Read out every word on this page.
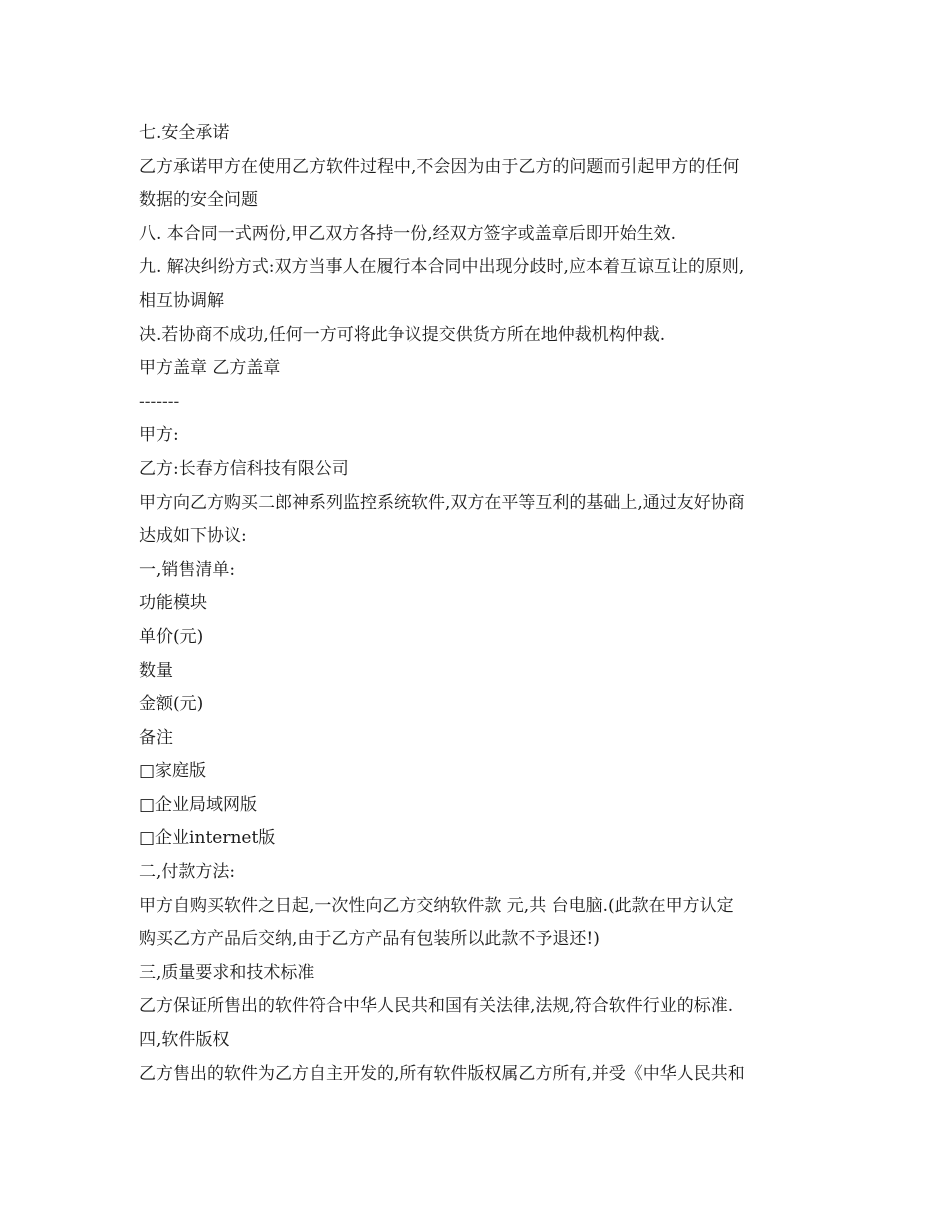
七.安全承诺

乙方承诺甲方在使用乙方软件过程中,不会因为由于乙方的问题而引起甲方的任何

数据的安全问题

八. 本合同一式两份,甲乙双方各持一份,经双方签字或盖章后即开始生效.

九. 解决纠纷方式:双方当事人在履行本合同中出现分歧时,应本着互谅互让的原则,

相互协调解

决.若协商不成功,任何一方可将此争议提交供货方所在地仲裁机构仲裁.

甲方盖章 乙方盖章

-------

甲方:

乙方:长春方信科技有限公司

甲方向乙方购买二郎神系列监控系统软件,双方在平等互利的基础上,通过友好协商

达成如下协议:

一,销售清单:

功能模块

单价(元)

数量

金额(元)

备注

□家庭版

□企业局域网版

□企业internet版

二,付款方法:

甲方自购买软件之日起,一次性向乙方交纳软件款 元,共 台电脑.(此款在甲方认定

购买乙方产品后交纳,由于乙方产品有包装所以此款不予退还!)

三,质量要求和技术标准

乙方保证所售出的软件符合中华人民共和国有关法律,法规,符合软件行业的标准.

四,软件版权

乙方售出的软件为乙方自主开发的,所有软件版权属乙方所有,并受《中华人民共和
